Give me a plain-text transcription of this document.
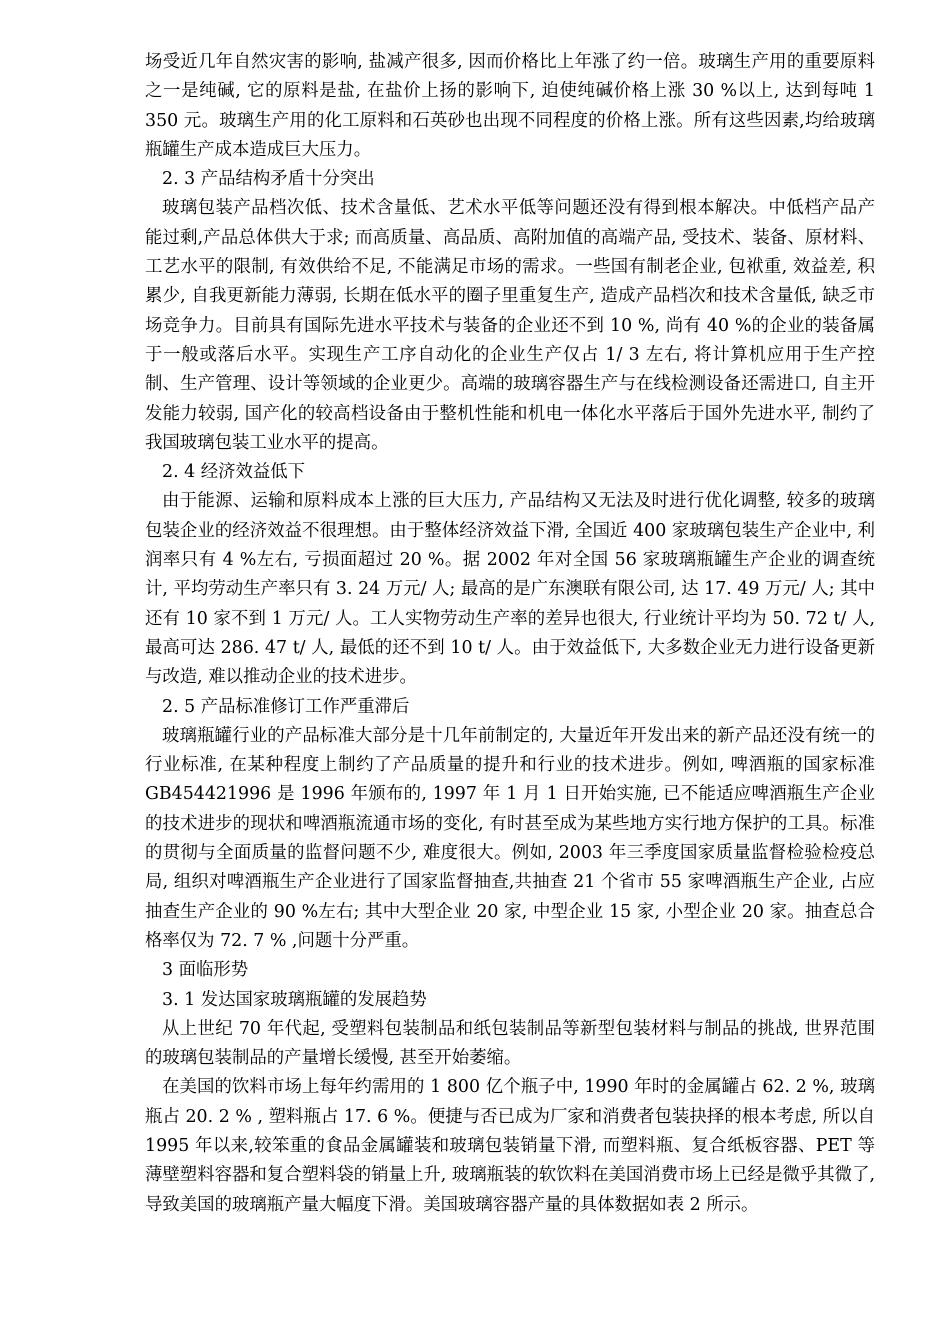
场受近几年自然灾害的影响, 盐减产很多, 因而价格比上年涨了约一倍。玻璃生产用的重要原料之一是纯碱, 它的原料是盐, 在盐价上扬的影响下, 迫使纯碱价格上涨 30 %以上, 达到每吨 1 350 元。玻璃生产用的化工原料和石英砂也出现不同程度的价格上涨。所有这些因素,均给玻璃瓶罐生产成本造成巨大压力。

2. 3 产品结构矛盾十分突出

玻璃包装产品档次低、技术含量低、艺术水平低等问题还没有得到根本解决。中低档产品产能过剩,产品总体供大于求; 而高质量、高品质、高附加值的高端产品, 受技术、装备、原材料、工艺水平的限制, 有效供给不足, 不能满足市场的需求。一些国有制老企业, 包袱重, 效益差, 积累少, 自我更新能力薄弱, 长期在低水平的圈子里重复生产, 造成产品档次和技术含量低, 缺乏市场竞争力。目前具有国际先进水平技术与装备的企业还不到 10 %, 尚有 40 %的企业的装备属于一般或落后水平。实现生产工序自动化的企业生产仅占 1/ 3 左右, 将计算机应用于生产控制、生产管理、设计等领域的企业更少。高端的玻璃容器生产与在线检测设备还需进口, 自主开发能力较弱, 国产化的较高档设备由于整机性能和机电一体化水平落后于国外先进水平, 制约了我国玻璃包装工业水平的提高。

2. 4 经济效益低下

由于能源、运输和原料成本上涨的巨大压力, 产品结构又无法及时进行优化调整, 较多的玻璃包装企业的经济效益不很理想。由于整体经济效益下滑, 全国近 400 家玻璃包装生产企业中, 利润率只有 4 %左右, 亏损面超过 20 %。据 2002 年对全国 56 家玻璃瓶罐生产企业的调查统计, 平均劳动生产率只有 3. 24 万元/ 人; 最高的是广东澳联有限公司, 达 17. 49 万元/ 人; 其中还有 10 家不到 1 万元/ 人。工人实物劳动生产率的差异也很大, 行业统计平均为 50. 72 t/ 人,最高可达 286. 47 t/ 人, 最低的还不到 10 t/ 人。由于效益低下, 大多数企业无力进行设备更新与改造, 难以推动企业的技术进步。

2. 5 产品标准修订工作严重滞后

玻璃瓶罐行业的产品标准大部分是十几年前制定的, 大量近年开发出来的新产品还没有统一的行业标准, 在某种程度上制约了产品质量的提升和行业的技术进步。例如, 啤酒瓶的国家标准 GB454421996 是 1996 年颁布的, 1997 年 1 月 1 日开始实施, 已不能适应啤酒瓶生产企业的技术进步的现状和啤酒瓶流通市场的变化, 有时甚至成为某些地方实行地方保护的工具。标准的贯彻与全面质量的监督问题不少, 难度很大。例如, 2003 年三季度国家质量监督检验检疫总局, 组织对啤酒瓶生产企业进行了国家监督抽查,共抽查 21 个省市 55 家啤酒瓶生产企业, 占应抽查生产企业的 90 %左右; 其中大型企业 20 家, 中型企业 15 家, 小型企业 20 家。抽查总合格率仅为 72. 7 % ,问题十分严重。

3 面临形势

3. 1 发达国家玻璃瓶罐的发展趋势

从上世纪 70 年代起, 受塑料包装制品和纸包装制品等新型包装材料与制品的挑战, 世界范围的玻璃包装制品的产量增长缓慢, 甚至开始萎缩。

在美国的饮料市场上每年约需用的 1 800 亿个瓶子中, 1990 年时的金属罐占 62. 2 %, 玻璃瓶占 20. 2 % , 塑料瓶占 17. 6 %。便捷与否已成为厂家和消费者包装抉择的根本考虑, 所以自 1995 年以来,较笨重的食品金属罐装和玻璃包装销量下滑, 而塑料瓶、复合纸板容器、PET 等薄壁塑料容器和复合塑料袋的销量上升, 玻璃瓶装的软饮料在美国消费市场上已经是微乎其微了, 导致美国的玻璃瓶产量大幅度下滑。美国玻璃容器产量的具体数据如表 2 所示。
